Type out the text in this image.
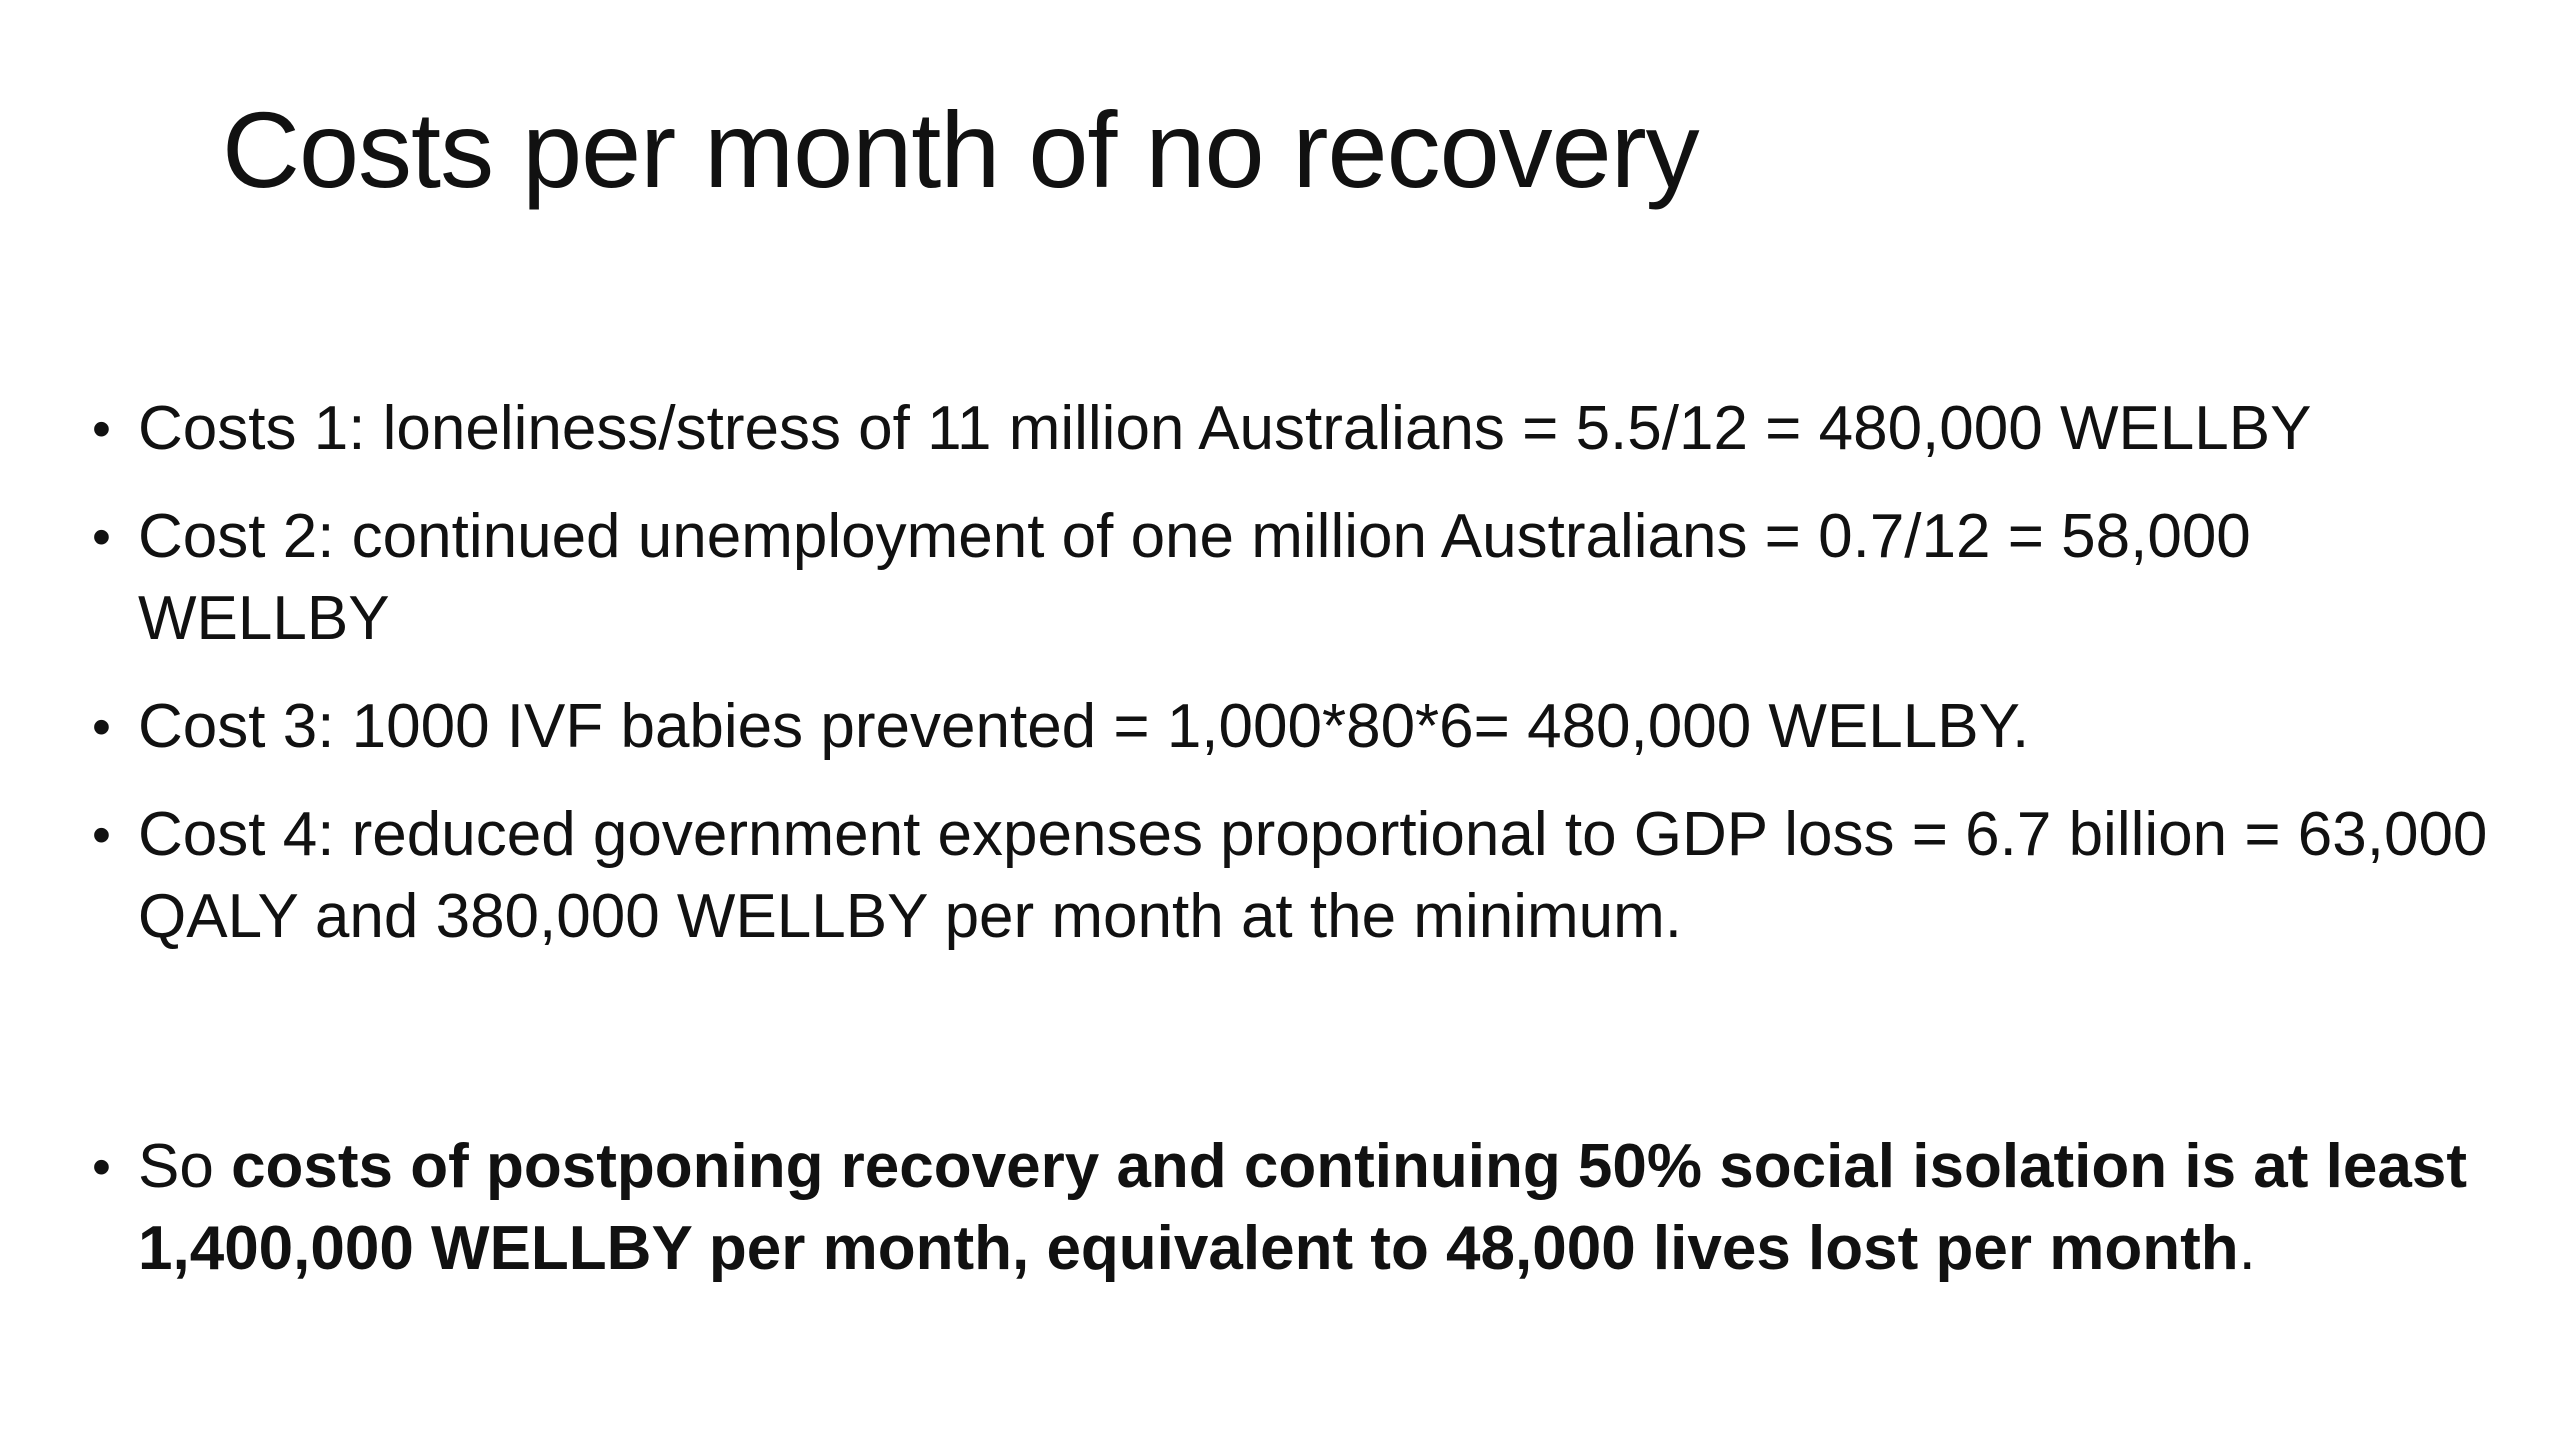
Costs per month of no recovery
• Costs 1: loneliness/stress of 11 million Australians = 5.5/12 = 480,000 WELLBY
• Cost 2: continued unemployment of one million Australians = 0.7/12 = 58,000 WELLBY
• Cost 3: 1000 IVF babies prevented = 1,000*80*6= 480,000 WELLBY.
• Cost 4: reduced government expenses proportional to GDP loss = 6.7 billion = 63,000 QALY and 380,000 WELLBY per month at the minimum.
• So costs of postponing recovery and continuing 50% social isolation is at least 1,400,000 WELLBY per month, equivalent to 48,000 lives lost per month.
